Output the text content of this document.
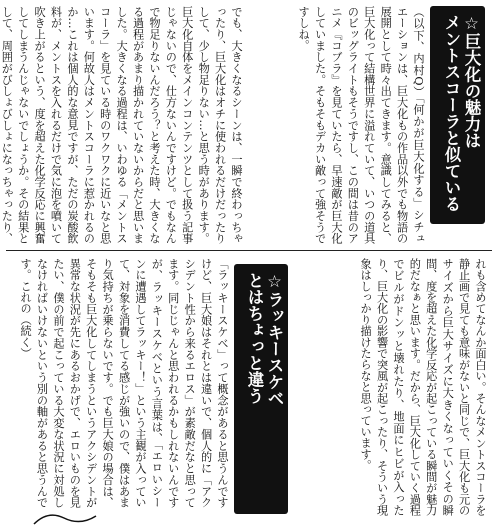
☆巨大化の魅力は
メントスコーラと似ている
（以下、内村Q）「何かが巨大化する」シチュエーションは、巨大化もの作品以外でも物語の展開として時々出てきます。意識してみると、巨大化って結構世界に溢れていて、いつの道具のビッグライトもそうですし、この間は昔のアニメ『コブラ』を見ていたら、早速敵が巨大化していました。そもそもデカい敵って強そうですしね。
でも、大きくなるシーンは、一瞬で終わっちゃったり、巨大化はオチに使われるだけだったりして、少し物足りない…と思う時があります。巨大化自体をメインコンテンツとして扱う記事じゃないので、仕方ないんですけど。でもなんで物足りないんだろう？と考えた時、大きくなる過程があまり描かれていないからだと思いました。大きくなる過程は、いわゆる「メントスコーラ」を見ている時のワクワクに近いなと思います。何故人はメントスコーラに惹かれるのか…これは個人的な意見ですが、ただの炭酸飲料が、メントスを入れるだけで気に泡を噴いて吹き上がるという、度を超えた化学反応に興奮してしまうんじゃないでしょうか。その結果として、周囲がびしょびしょになっちゃったり、
れも含めてなんか面白い。そんなメントスコーラを静止画で見ても意味がないと同じで、巨大化も元のサイズから巨大サイズに大きくなっていくその瞬間、度を超えた化学反応が起こっている瞬間が魅力的だなぁと思います。だから、巨大化していく過程でビルがドンッと壊れたり、地面にヒビが入ったり、巨大化の影響で突風が起こったり、そういう現象はしっかり描けたらなと思っています。
☆ラッキースケベ
とはちょっと違う
「ラッキースケベ」って概念があると思うんですけど、巨大娘はそれとは違いで、個人的に「アクシデント性から来るエロス」が素敵だなと思ってます。同じじゃんと思われるかもしれないんですが、ラッキースケベという言葉は、「エロいシーンに遭遇してラッキー！」という主観が入っていて、対象を消費してる感じが強いので、僕はあまり気持ちが乗らないです。でも巨大娘の場合は、そもそも巨大化してしまうというアクシデントが異常な状況が先にあるおかげで、エロいものを見たい、僕の前で起こっている大変な状況に対処しなければいけないという別の軸があると思うんです。これの（続く）
